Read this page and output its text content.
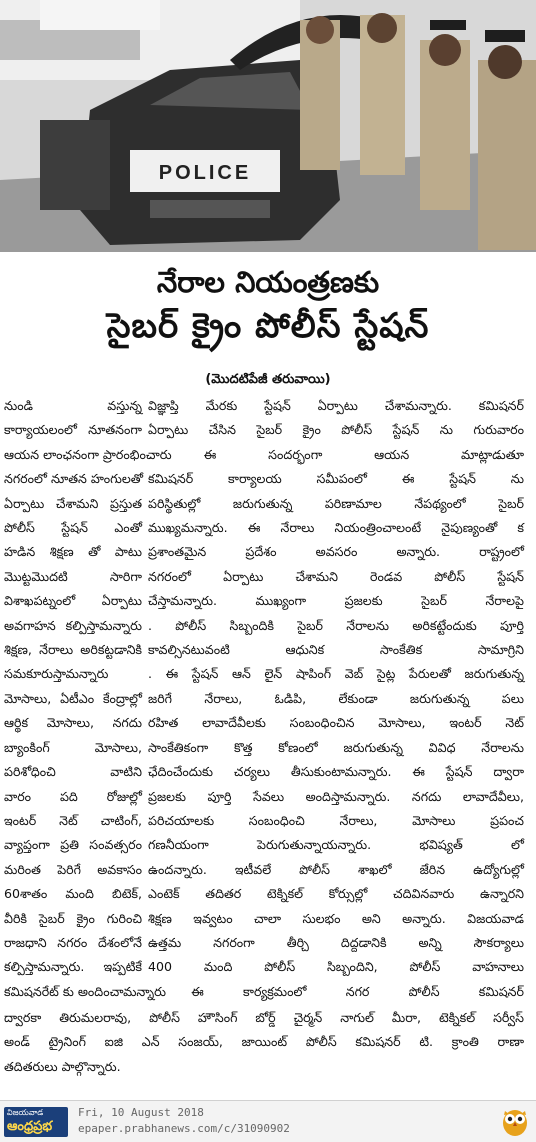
POLICE
నేరాల నియంత్రణకు
సైబర్ క్రైం పోలీస్ స్టేషన్
(మొదటిపేజీ తరువాయి)
నుండి వస్తున్న
కార్యాయలంలో నూతనంగా
ఆయన లాంఛనంగా ప్రారంభించారు
నగరంలో నూతన హంగులతో
ఏర్పాటు చేశామని ప్రస్తుత
పోలీస్ స్టేషన్ ఎంతో
హడిన శిక్షణ తో పాటు
మొట్టమొదటి సారిగా
విశాఖపట్నంలో ఏర్పాటు
అవగాహన కల్పిస్తామన్నారు
శిక్షణ, నేరాలు అరికట్టడానికి
సమకూరుస్తామన్నారు
మోసాలు, ఏటీఎం కేంద్రాల్లో
ఆర్థిక మోసాలు, నగదు
బ్యాంకింగ్ మోసాలు,
పరిశోధించి వాటిని
వారం పది రోజుల్లో
ఇంటర్ నెట్ చాటింగ్,
వ్యాప్తంగా ప్రతి సంవత్సరం
మరింత పెరిగే అవకాసం
60శాతం మంది బిటెక్,
వీరికి సైబర్ క్రైం గురించి
రాజధాని నగరం దేశంలోనే
కల్పిస్తామన్నారు. ఇప్పటికే
కమిషనరేట్ కు అందించామన్నారు
విజ్ఞాప్తి మేరకు స్టేషన్ ఏర్పాటు చేశామన్నారు. కమిషనర్
ఏర్పాటు చేసిన సైబర్ క్రైం పోలీస్ స్టేషన్ ను గురువారం
. ఈ సందర్భంగా ఆయన మాట్లాడుతూ
కమిషనర్ కార్యాలయ సమీపంలో ఈ స్టేషన్ ను
పరిస్థితుల్లో జరుగుతున్న పరిణామాల నేపథ్యంలో సైబర్
ముఖ్యమన్నారు. ఈ నేరాలు నియంత్రించాలంటే నైపుణ్యంతో క
ప్రశాంతమైన ప్రదేశం అవసరం అన్నారు. రాష్ట్రంలో
నగరంలో ఏర్పాటు చేశామని రెండవ పోలీస్ స్టేషన్
చేస్తామన్నారు. ముఖ్యంగా ప్రజలకు సైబర్ నేరాలపై
. పోలీస్ సిబ్బందికి సైబర్ నేరాలను అరికట్టేందుకు పూర్తి
కావల్సినటువంటి ఆధునిక సాంకేతిక సామాగ్రిని
. ఈ స్టేషన్ ఆన్ లైన్ షాపింగ్ వెబ్ సైట్ల పేరులతో జరుగుతున్న
జరిగే నేరాలు, ఓడిపి, లేకుండా జరుగుతున్న పలు
రహిత లావాదేవీలకు సంబంధించిన మోసాలు, ఇంటర్ నెట్
సాంకేతికంగా కొత్త కోణంలో జరుగుతున్న వివిధ నేరాలను
ఛేదించేందుకు చర్యలు తీసుకుంటామన్నారు. ఈ స్టేషన్ ద్వారా
ప్రజలకు పూర్తి సేవలు అందిస్తామన్నారు. నగదు లావాదేవీలు,
పరిచయాలకు సంబంధించి నేరాలు, మోసాలు ప్రపంచ
గణనీయంగా పెరుగుతున్నాయన్నారు. భవిష్యత్ లో
ఉందన్నారు. ఇటీవలే పోలీస్ శాఖలో జేరిన ఉద్యోగుల్లో
ఎంటెక్ తదితర టెక్నికల్ కోర్సుల్లో చదివినవారు ఉన్నారని
శిక్షణ ఇవ్వటం చాలా సులభం అని అన్నారు. విజయవాడ
ఉత్తమ నగరంగా తీర్చి దిద్దడానికి అన్ని సౌకర్యాలు
400 మంది పోలీస్ సిబ్బందిని, పోలీస్ వాహనాలు
. ఈ కార్యక్రమంలో నగర పోలీస్ కమిషనర్
విజయవాడ
ఆంధ్రప్రభ
Fri, 10 August 2018
epaper.prabhanews.com/c/31090902
ద్వారకా తిరుమలరావు, పోలీస్ హౌసింగ్ బోర్డ్ చైర్మన్ నాగుల్ మీరా, టెక్నికల్ సర్వీస్
అండ్ ట్రైనింగ్ ఐజి ఎన్ సంజయ్, జాయింట్ పోలీస్ కమిషనర్ టి. క్రాంతి రాణా
తదితరులు పాల్గొన్నారు.
